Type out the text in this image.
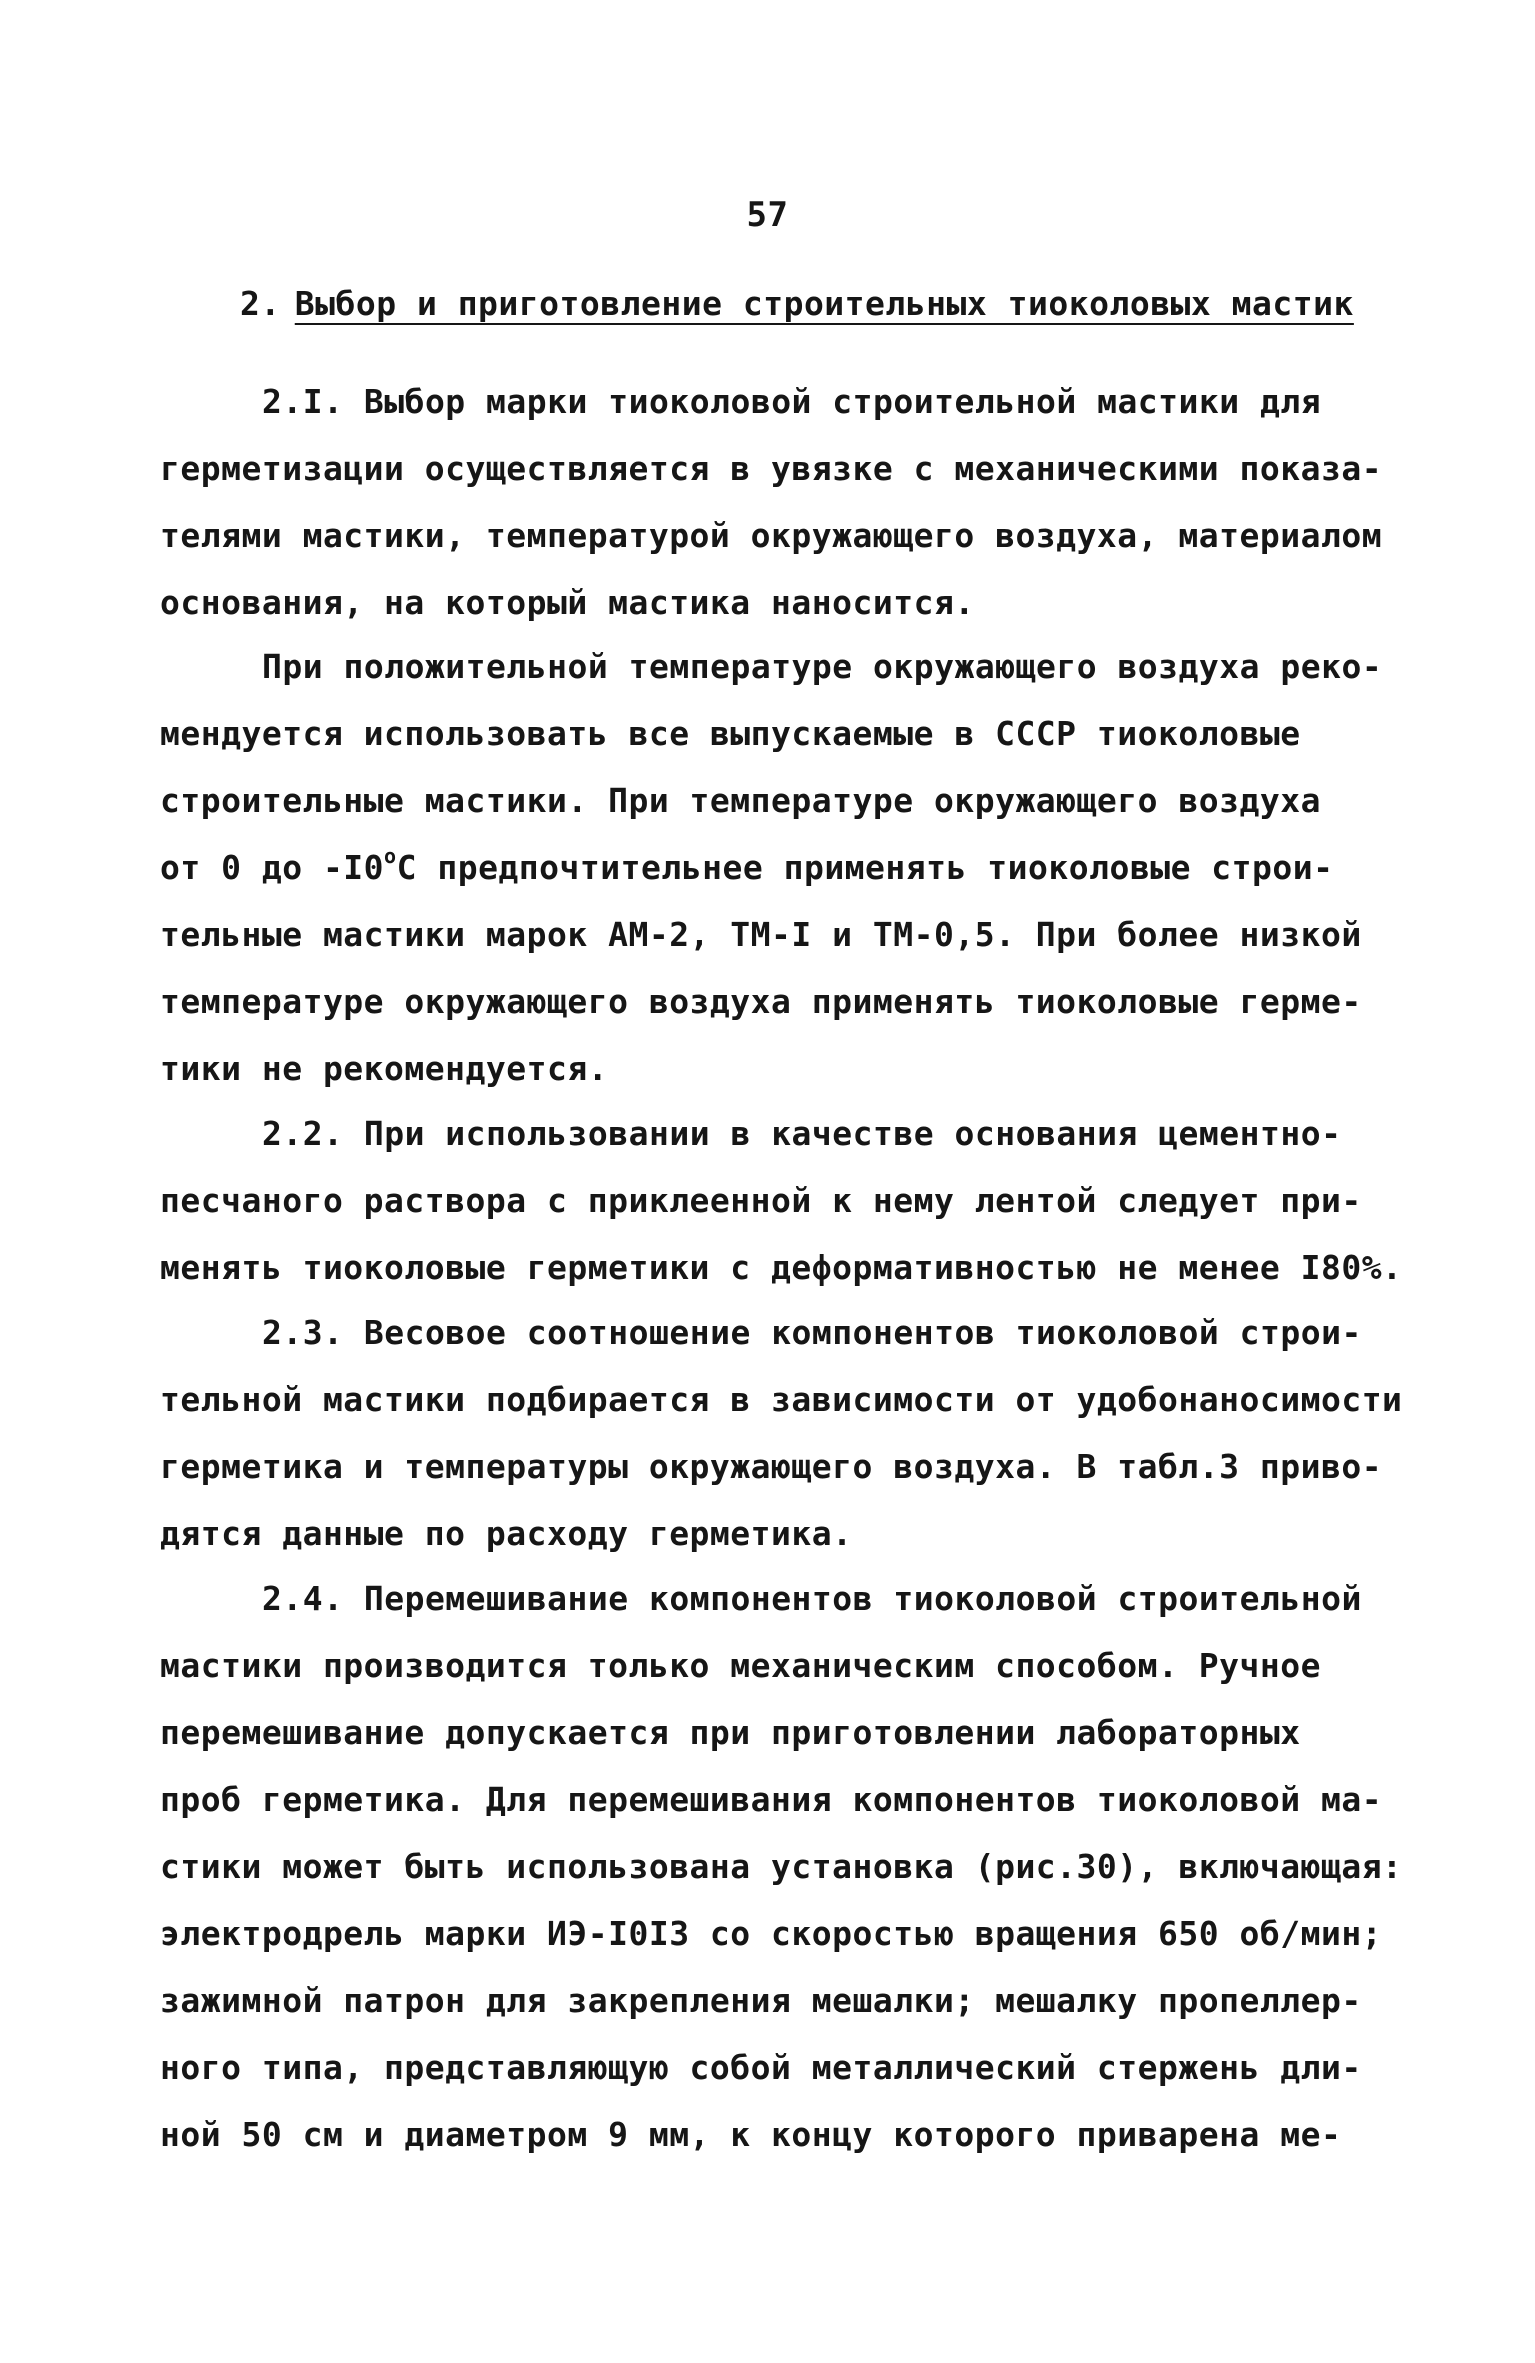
57
2. Выбор и приготовление строительных тиоколовых мастик
2.I. Выбор марки тиоколовой строительной мастики для
герметизации осуществляется в увязке с механическими показа-
телями мастики, температурой окружающего воздуха, материалом
основания, на который мастика наносится.
При положительной температуре окружающего воздуха реко-
мендуется использовать все выпускаемые в СССР тиоколовые
строительные мастики. При температуре окружающего воздуха
от 0 до $-I0^оС$ предпочтительнее применять тиоколовые строи-
тельные мастики марок АМ-2, ТМ-I и ТМ-0,5. При более низкой
температуре окружающего воздуха применять тиоколовые герме-
тики не рекомендуется.
2.2. При использовании в качестве основания цементно-
песчаного раствора с приклеенной к нему лентой следует при-
менять тиоколовые герметики с деформативностью не менее I80%.
2.3. Весовое соотношение компонентов тиоколовой строи-
тельной мастики подбирается в зависимости от удобонаносимости
герметика и температуры окружающего воздуха. В табл.3 приво-
дятся данные по расходу герметика.
2.4. Перемешивание компонентов тиоколовой строительной
мастики производится только механическим способом. Ручное
перемешивание допускается при приготовлении лабораторных
проб герметика. Для перемешивания компонентов тиоколовой ма-
стики может быть использована установка (рис.30), включающая:
электродрель марки ИЭ-I0I3 со скоростью вращения 650 об/мин;
зажимной патрон для закрепления мешалки; мешалку пропеллер-
ного типа, представляющую собой металлический стержень дли-
ной 50 см и диаметром 9 мм, к концу которого приварена ме-
